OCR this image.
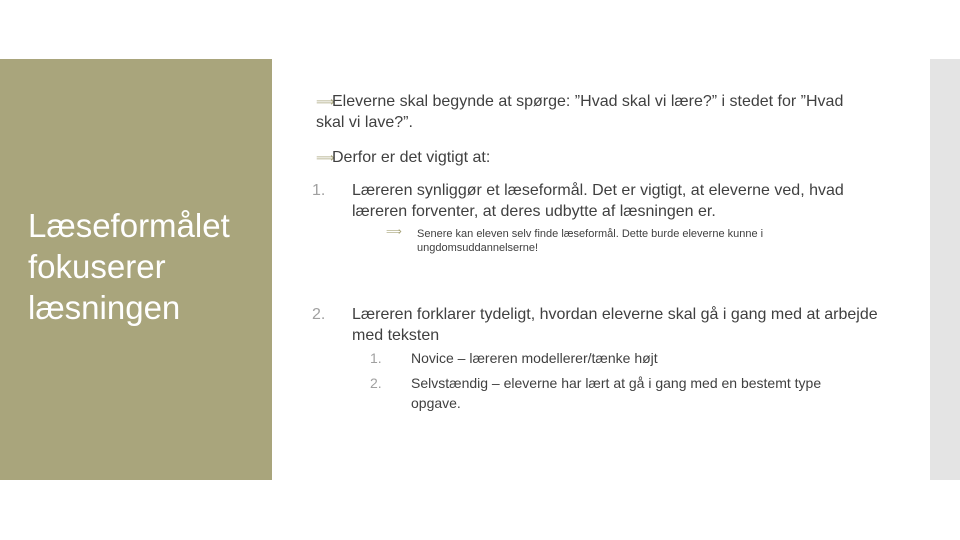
Læseformålet
fokuserer
læsningen
⟹Eleverne skal begynde at spørge: ”Hvad skal vi lære?” i stedet for ”Hvad skal vi lave?”.
⟹Derfor er det vigtigt at:
1. Læreren synliggør et læseformål. Det er vigtigt, at eleverne ved, hvad læreren forventer, at deres udbytte af læsningen er.
⟹ Senere kan eleven selv finde læseformål. Dette burde eleverne kunne i ungdomsuddannelserne!
2. Læreren forklarer tydeligt, hvordan eleverne skal gå i gang med at arbejde med teksten
1. Novice – læreren modellerer/tænke højt
2. Selvstændig – eleverne har lært at gå i gang med en bestemt type opgave.
